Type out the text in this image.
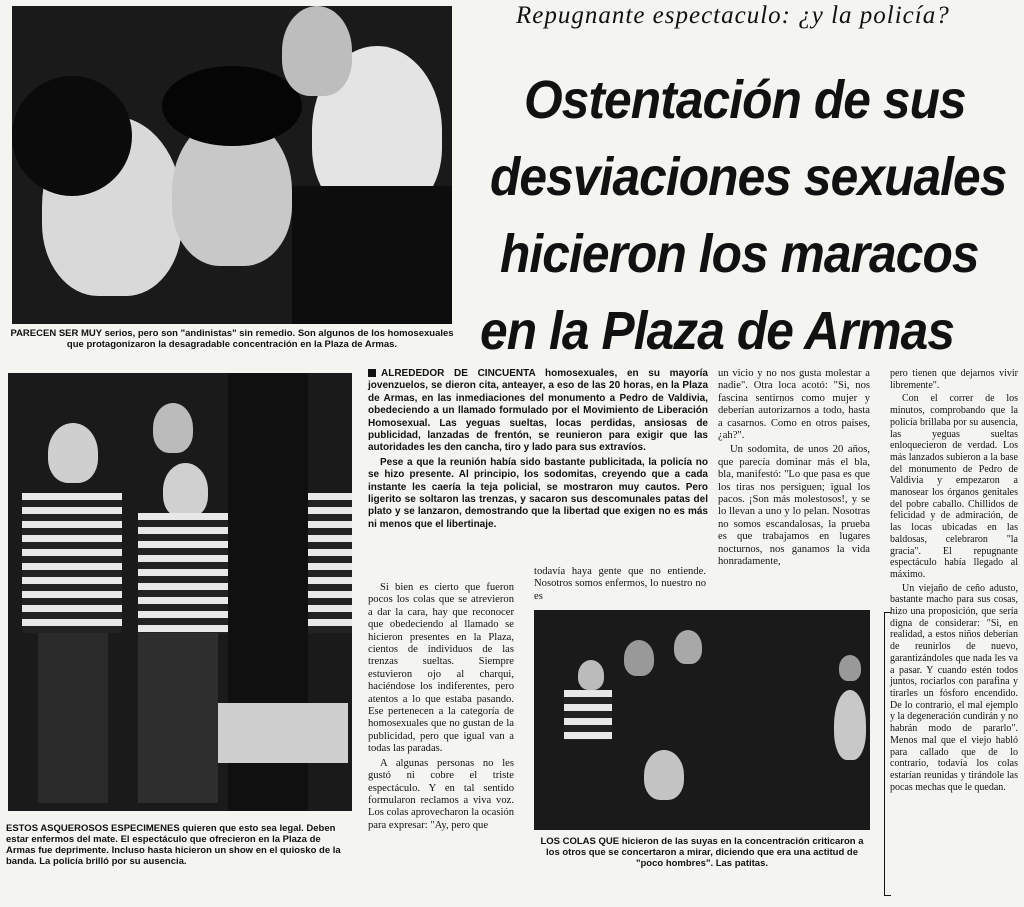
Repugnante espectaculo: ¿y la policía?
Ostentación de sus
desviaciones sexuales
hicieron los maracos
en la Plaza de Armas
PARECEN SER MUY serios, pero son "andinistas" sin remedio. Son algunos de los homosexuales que protagonizaron la desagradable concentración en la Plaza de Armas.
ESTOS ASQUEROSOS ESPECIMENES quieren que esto sea legal. Deben estar enfermos del mate. El espectáculo que ofrecieron en la Plaza de Armas fue deprimente. Incluso hasta hicieron un show en el quiosko de la banda. La policía brilló por su ausencia.

ALREDEDOR DE CINCUENTA homosexuales, en su mayoría jovenzuelos, se dieron cita, anteayer, a eso de las 20 horas, en la Plaza de Armas, en las inmediaciones del monumento a Pedro de Valdivia, obedeciendo a un llamado formulado por el Movimiento de Liberación Homosexual. Las yeguas sueltas, locas perdidas, ansiosas de publicidad, lanzadas de frentón, se reunieron para exigir que las autoridades les den cancha, tiro y lado para sus extravíos.

Pese a que la reunión había sido bastante publicitada, la policía no se hizo presente. Al principio, los sodomitas, creyendo que a cada instante les caería la teja policial, se mostraron muy cautos. Pero ligerito se soltaron las trenzas, y sacaron sus descomunales patas del plato y se lanzaron, demostrando que la libertad que exigen no es más ni menos que el libertinaje.

Si bien es cierto que fueron pocos los colas que se atrevieron a dar la cara, hay que reconocer que obedeciendo al llamado se hicieron presentes en la Plaza, cientos de individuos de las trenzas sueltas. Siempre estuvieron ojo al charqui, haciéndose los indiferentes, pero atentos a lo que estaba pasando. Ese pertenecen a la categoría de homosexuales que no gustan de la publicidad, pero que igual van a todas las paradas.

A algunas personas no les gustó ni cobre el triste espectáculo. Y en tal sentido formularon reclamos a viva voz. Los colas aprovecharon la ocasión para expresar: "Ay, pero que

todavía haya gente que no entiende. Nosotros somos enfermos, lo nuestro no es

un vicio y no nos gusta molestar a nadie". Otra loca acotó: "Si, nos fascina sentirnos como mujer y deberían autorizarnos a todo, hasta a casarnos. Como en otros países, ¿ah?".

Un sodomita, de unos 20 años, que parecía dominar más el bla, bla, manifestó: "Lo que pasa es que los tiras nos persiguen; igual los pacos. ¡Son más molestosos!, y se lo llevan a uno y lo pelan. Nosotras no somos escandalosas, la prueba es que trabajamos en lugares nocturnos, nos ganamos la vida honradamente,

pero tienen que dejarnos vivir libremente".

Con el correr de los minutos, comprobando que la policía brillaba por su ausencia, las yeguas sueltas enloquecieron de verdad. Los más lanzados subieron a la base del monumento de Pedro de Valdivia y empezaron a manosear los órganos genitales del pobre caballo. Chillidos de felicidad y de admiración, de las locas ubicadas en las baldosas, celebraron "la gracia". El repugnante espectáculo había llegado al máximo.

Un viejaño de ceño adusto, bastante macho para sus cosas, hizo una proposición, que sería digna de considerar: "Si, en realidad, a estos niños deberían de reunirlos de nuevo, garantizándoles que nada les va a pasar. Y cuando estén todos juntos, rociarlos con parafina y tirarles un fósforo encendido. De lo contrario, el mal ejemplo y la degeneración cundirán y no habrán modo de pararlo". Menos mal que el viejo habló para callado que de lo contrario, todavía los colas estarían reunidas y tirándole las pocas mechas que le quedan.

LOS COLAS QUE hicieron de las suyas en la concentración criticaron a los otros que se concertaron a mirar, diciendo que era una actitud de "poco hombres". Las patitas.
